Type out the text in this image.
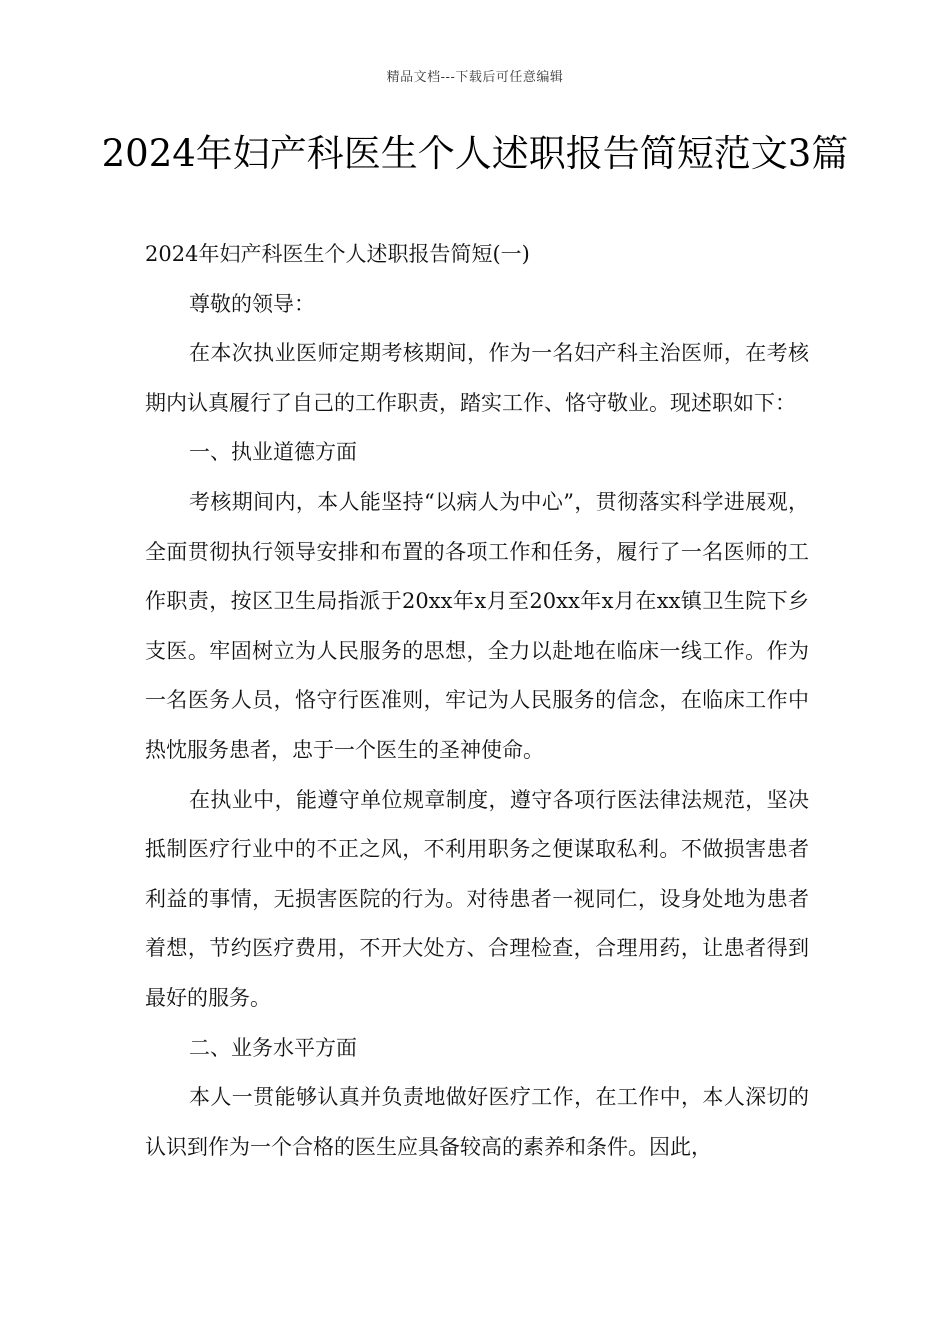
精品文档---下载后可任意编辑
2024年妇产科医生个人述职报告简短范文3篇

2024年妇产科医生个人述职报告简短(一)

尊敬的领导：

在本次执业医师定期考核期间，作为一名妇产科主治医师，在考核期内认真履行了自己的工作职责，踏实工作、恪守敬业。现述职如下：

一、执业道德方面

考核期间内，本人能坚持“以病人为中心”，贯彻落实科学进展观，全面贯彻执行领导安排和布置的各项工作和任务，履行了一名医师的工作职责，按区卫生局指派于20xx年x月至20xx年x月在xx镇卫生院下乡支医。牢固树立为人民服务的思想，全力以赴地在临床一线工作。作为一名医务人员，恪守行医准则，牢记为人民服务的信念，在临床工作中热忱服务患者，忠于一个医生的圣神使命。

在执业中，能遵守单位规章制度，遵守各项行医法律法规范，坚决抵制医疗行业中的不正之风，不利用职务之便谋取私利。不做损害患者利益的事情，无损害医院的行为。对待患者一视同仁，设身处地为患者着想，节约医疗费用，不开大处方、合理检查，合理用药，让患者得到最好的服务。

二、业务水平方面

本人一贯能够认真并负责地做好医疗工作，在工作中，本人深切的认识到作为一个合格的医生应具备较高的素养和条件。因此，
